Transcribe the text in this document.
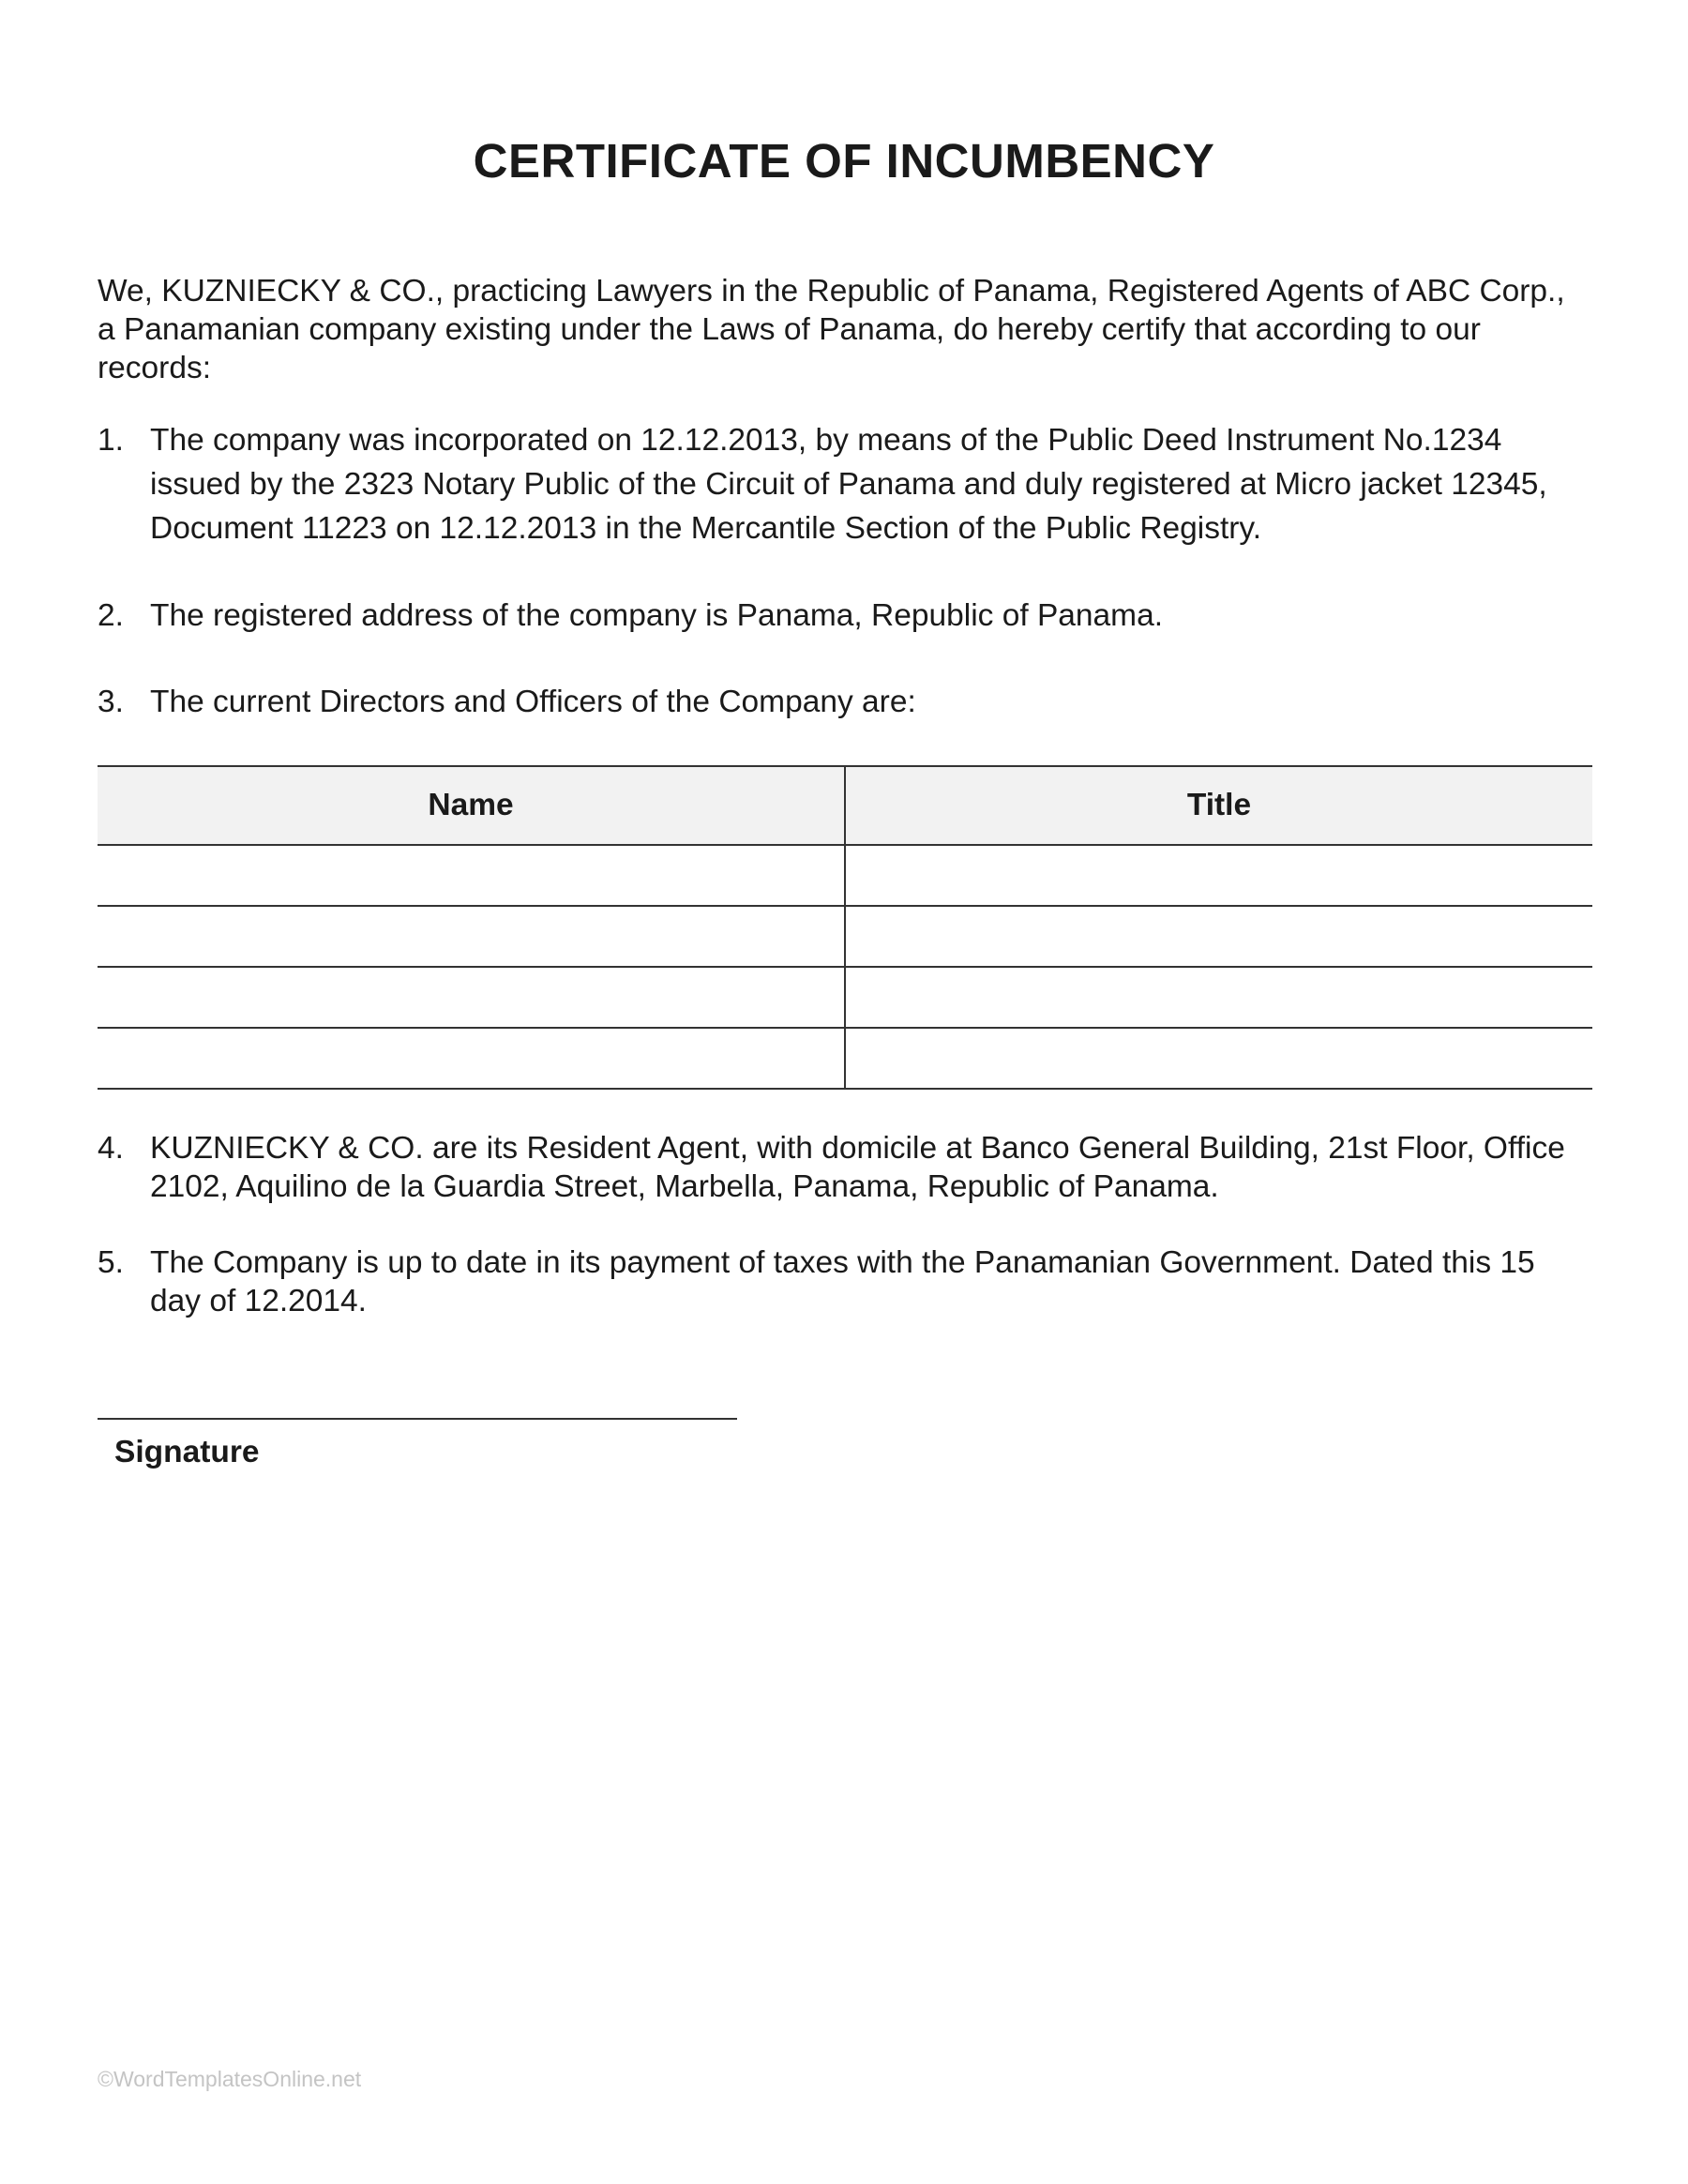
CERTIFICATE OF INCUMBENCY

We, KUZNIECKY & CO., practicing Lawyers in the Republic of Panama, Registered Agents of ABC Corp., a Panamanian company existing under the Laws of Panama, do hereby certify that according to our records:

1. The company was incorporated on 12.12.2013, by means of the Public Deed Instrument No.1234 issued by the 2323 Notary Public of the Circuit of Panama and duly registered at Micro jacket 12345, Document 11223 on 12.12.2013 in the Mercantile Section of the Public Registry.
2. The registered address of the company is Panama, Republic of Panama.
3. The current Directors and Officers of the Company are:
Name	Title

4. KUZNIECKY & CO. are its Resident Agent, with domicile at Banco General Building, 21st Floor, Office 2102, Aquilino de la Guardia Street, Marbella, Panama, Republic of Panama.
5. The Company is up to date in its payment of taxes with the Panamanian Government. Dated this 15 day of 12.2014.
Signature
©WordTemplatesOnline.net
